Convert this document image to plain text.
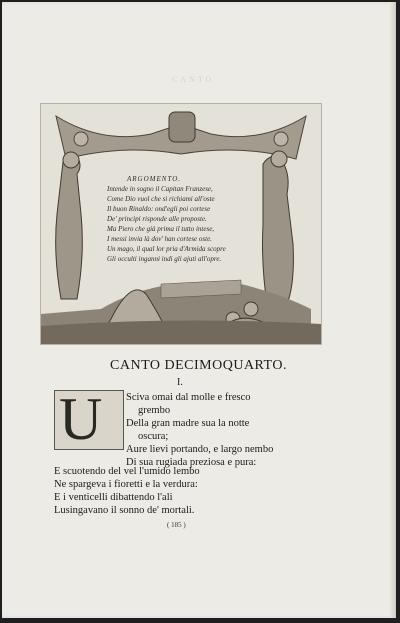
CANTO
ARGOMENTO.
Intende in sogno il Capitan Franzese,
Come Dio vuol che si richiami all'oste
Il buon Rinaldo: ond'egli poi cortese
De' principi risponde alle proposte.
Ma Piero che già prima il tutto intese,
I messi invia là dov' han cortese oste.
Un mago, il qual lor pria d'Armida scopre
Gli occulti inganni indi gli ajuti all'opre.
CANTO DECIMOQUARTO.
I.
U Sciva omai dal molle e fresco
grembo
Della gran madre sua la notte
oscura;
Aure lievi portando, e largo nembo
Di sua rugiada preziosa e pura:
E scuotendo del vel l'umido lembo
Ne spargeva i fioretti e la verdura:
E i venticelli dibattendo l'ali
Lusingavano il sonno de' mortali.
( 185 )
